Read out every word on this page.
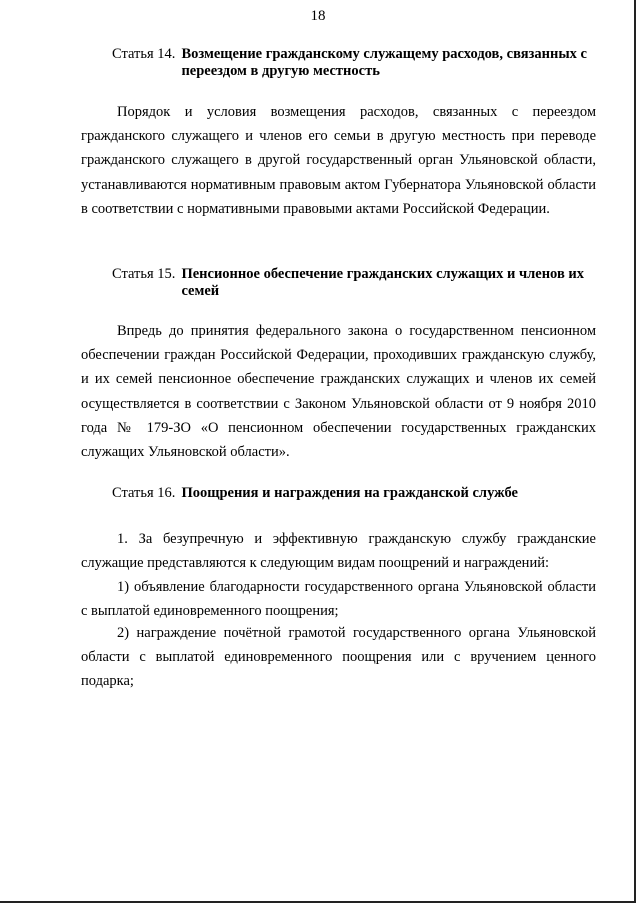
18
Статья 14. Возмещение гражданскому служащему расходов, связанных с переездом в другую местность

Порядок и условия возмещения расходов, связанных с переездом гражданского служащего и членов его семьи в другую местность при переводе гражданского служащего в другой государственный орган Ульяновской области, устанавливаются нормативным правовым актом Губернатора Ульяновской области в соответствии с нормативными правовыми актами Российской Федерации.

Статья 15. Пенсионное обеспечение гражданских служащих и членов их семей

Впредь до принятия федерального закона о государственном пенсионном обеспечении граждан Российской Федерации, проходивших гражданскую службу, и их семей пенсионное обеспечение гражданских служащих и членов их семей осуществляется в соответствии с Законом Ульяновской области от 9 ноября 2010 года № 179-ЗО «О пенсионном обеспечении государственных гражданских служащих Ульяновской области».

Статья 16. Поощрения и награждения на гражданской службе

1. За безупречную и эффективную гражданскую службу гражданские служащие представляются к следующим видам поощрений и награждений:

1) объявление благодарности государственного органа Ульяновской области с выплатой единовременного поощрения;

2) награждение почётной грамотой государственного органа Ульяновской области с выплатой единовременного поощрения или с вручением ценного подарка;
